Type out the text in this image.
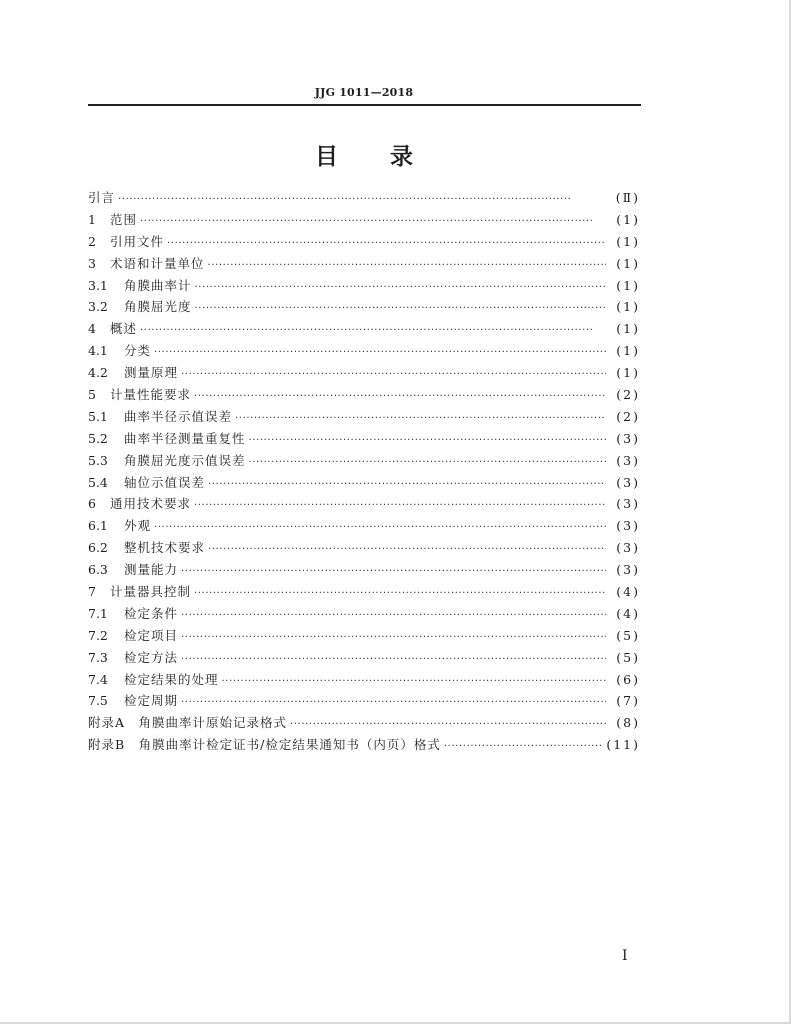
JJG 1011—2018
目 录
引言 ·····	(Ⅱ)
1	范围 ·····	(1)
2	引用文件 ·····	(1)
3	术语和计量单位 ·····	(1)
3.1	角膜曲率计 ·····	(1)
3.2	角膜屈光度 ·····	(1)
4	概述 ·····	(1)
4.1	分类 ·····	(1)
4.2	测量原理 ·····	(1)
5	计量性能要求 ·····	(2)
5.1	曲率半径示值误差 ·····	(2)
5.2	曲率半径测量重复性 ·····	(3)
5.3	角膜屈光度示值误差 ·····	(3)
5.4	轴位示值误差 ·····	(3)
6	通用技术要求 ·····	(3)
6.1	外观 ·····	(3)
6.2	整机技术要求 ·····	(3)
6.3	测量能力 ·····	(3)
7	计量器具控制 ·····	(4)
7.1	检定条件 ·····	(4)
7.2	检定项目 ·····	(5)
7.3	检定方法 ·····	(5)
7.4	检定结果的处理 ·····	(6)
7.5	检定周期 ·····	(7)
附录A　角膜曲率计原始记录格式 ·····	(8)
附录B　角膜曲率计检定证书/检定结果通知书（内页）格式 ·····	(11)
I
